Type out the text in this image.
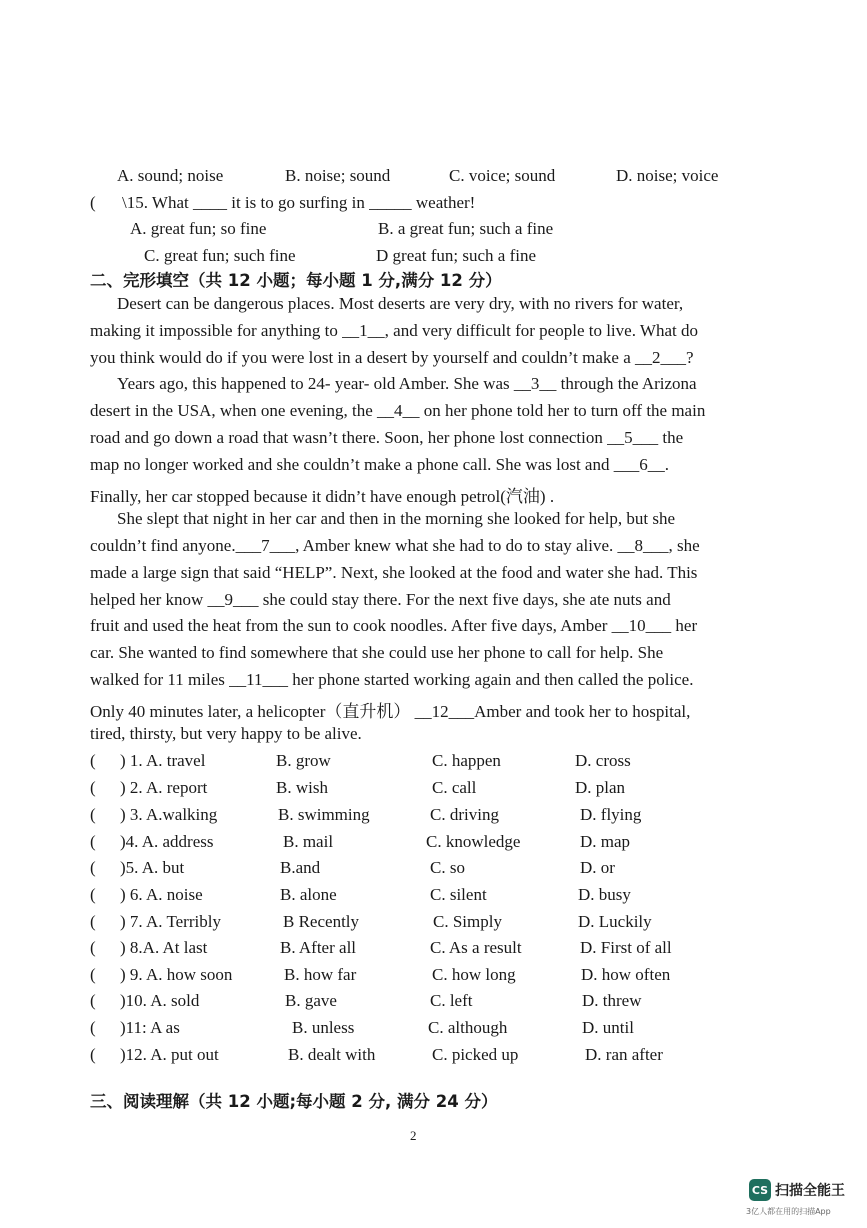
A. sound; noise	B. noise; sound	C. voice; sound	D. noise; voice
( \15. What ____ it is to go surfing in _____ weather!
A. great fun; so fine	B. a great fun; such a fine
C. great fun; such fine	D great fun; such a fine
二、完形填空（共 12 小题；每小题 1 分,满分 12 分）
Desert can be dangerous places. Most deserts are very dry, with no rivers for water,
making it impossible for anything to __1__, and very difficult for people to live. What do
you think would do if you were lost in a desert by yourself and couldn’t make a __2___?
Years ago, this happened to 24- year- old Amber. She was __3__ through the Arizona
desert in the USA, when one evening, the __4__ on her phone told her to turn off the main
road and go down a road that wasn’t there. Soon, her phone lost connection __5___ the
map no longer worked and she couldn’t make a phone call. She was lost and ___6__.
Finally, her car stopped because it didn’t have enough petrol(汽油) .
She slept that night in her car and then in the morning she looked for help, but she
couldn’t find anyone.___7___, Amber knew what she had to do to stay alive. __8___, she
made a large sign that said “HELP”. Next, she looked at the food and water she had. This
helped her know __9___ she could stay there. For the next five days, she ate nuts and
fruit and used the heat from the sun to cook noodles. After five days, Amber __10___ her
car. She wanted to find somewhere that she could use her phone to call for help. She
walked for 11 miles __11___ her phone started working again and then called the police.
Only 40 minutes later, a helicopter（直升机） __12___Amber and took her to hospital,
tired, thirsty, but very happy to be alive.
( ) 1. A. travel	B. grow	C. happen	D. cross
( ) 2. A. report	B. wish	C. call	D. plan
( ) 3. A.walking	B. swimming	C. driving	D. flying
( )4. A. address	B. mail	C. knowledge	D. map
( )5. A. but	B.and	C. so	D. or
( ) 6. A. noise	B. alone	C. silent	D. busy
( ) 7. A. Terribly	B Recently	C. Simply	D. Luckily
( ) 8.A. At last	B. After all	C. As a result	D. First of all
( ) 9. A. how soon	B. how far	C. how long	D. how often
( )10. A. sold	B. gave	C. left	D. threw
( )11: A as	B. unless	C. although	D. until
( )12. A. put out	B. dealt with	C. picked up	D. ran after
三、阅读理解（共 12 小题;每小题 2 分, 满分 24 分）
2
CS 扫描全能王
3亿人都在用的扫描App
